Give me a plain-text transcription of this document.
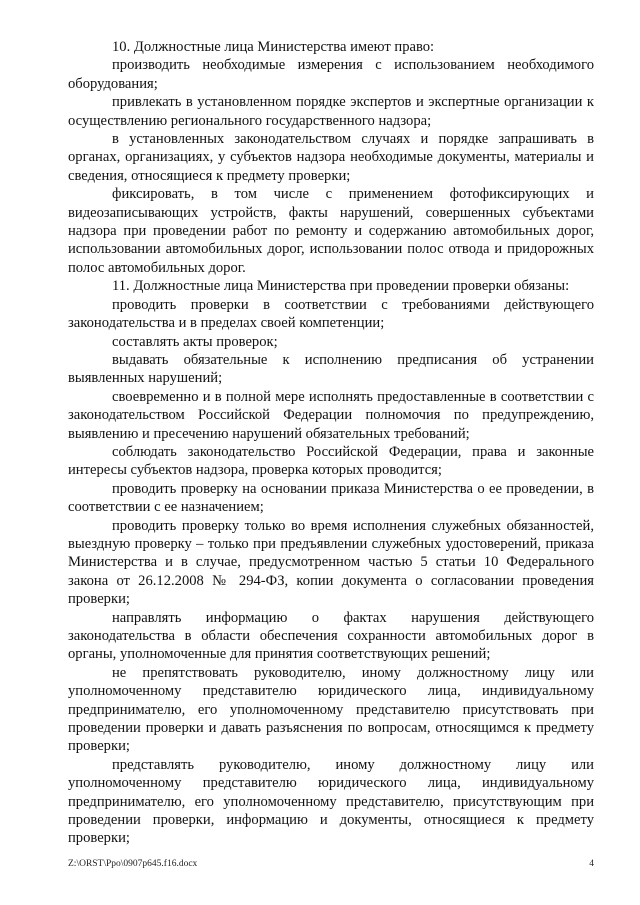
10. Должностные лица Министерства имеют право:

производить необходимые измерения с использованием необходимого оборудования;

привлекать в установленном порядке экспертов и экспертные организации к осуществлению регионального государственного надзора;

в установленных законодательством случаях и порядке запрашивать в органах, организациях, у субъектов надзора необходимые документы, материалы и сведения, относящиеся к предмету проверки;

фиксировать, в том числе с применением фотофиксирующих и видеозаписывающих устройств, факты нарушений, совершенных субъектами надзора при проведении работ по ремонту и содержанию автомобильных дорог, использовании автомобильных дорог, использовании полос отвода и придорожных полос автомобильных дорог.

11. Должностные лица Министерства при проведении проверки обязаны:

проводить проверки в соответствии с требованиями действующего законодательства и в пределах своей компетенции;

составлять акты проверок;

выдавать обязательные к исполнению предписания об устранении выявленных нарушений;

своевременно и в полной мере исполнять предоставленные в соответствии с законодательством Российской Федерации полномочия по предупреждению, выявлению и пресечению нарушений обязательных требований;

соблюдать законодательство Российской Федерации, права и законные интересы субъектов надзора, проверка которых проводится;

проводить проверку на основании приказа Министерства о ее проведении, в соответствии с ее назначением;

проводить проверку только во время исполнения служебных обязанностей, выездную проверку – только при предъявлении служебных удостоверений, приказа Министерства и в случае, предусмотренном частью 5 статьи 10 Федерального закона от 26.12.2008 № 294-ФЗ, копии документа о согласовании проведения проверки;

направлять информацию о фактах нарушения действующего законодательства в области обеспечения сохранности автомобильных дорог в органы, уполномоченные для принятия соответствующих решений;

не препятствовать руководителю, иному должностному лицу или уполномоченному представителю юридического лица, индивидуальному предпринимателю, его уполномоченному представителю присутствовать при проведении проверки и давать разъяснения по вопросам, относящимся к предмету проверки;

представлять руководителю, иному должностному лицу или уполномоченному представителю юридического лица, индивидуальному предпринимателю, его уполномоченному представителю, присутствующим при проведении проверки, информацию и документы, относящиеся к предмету проверки;

Z:\ORST\Ppo\0907p645.f16.docx	4
